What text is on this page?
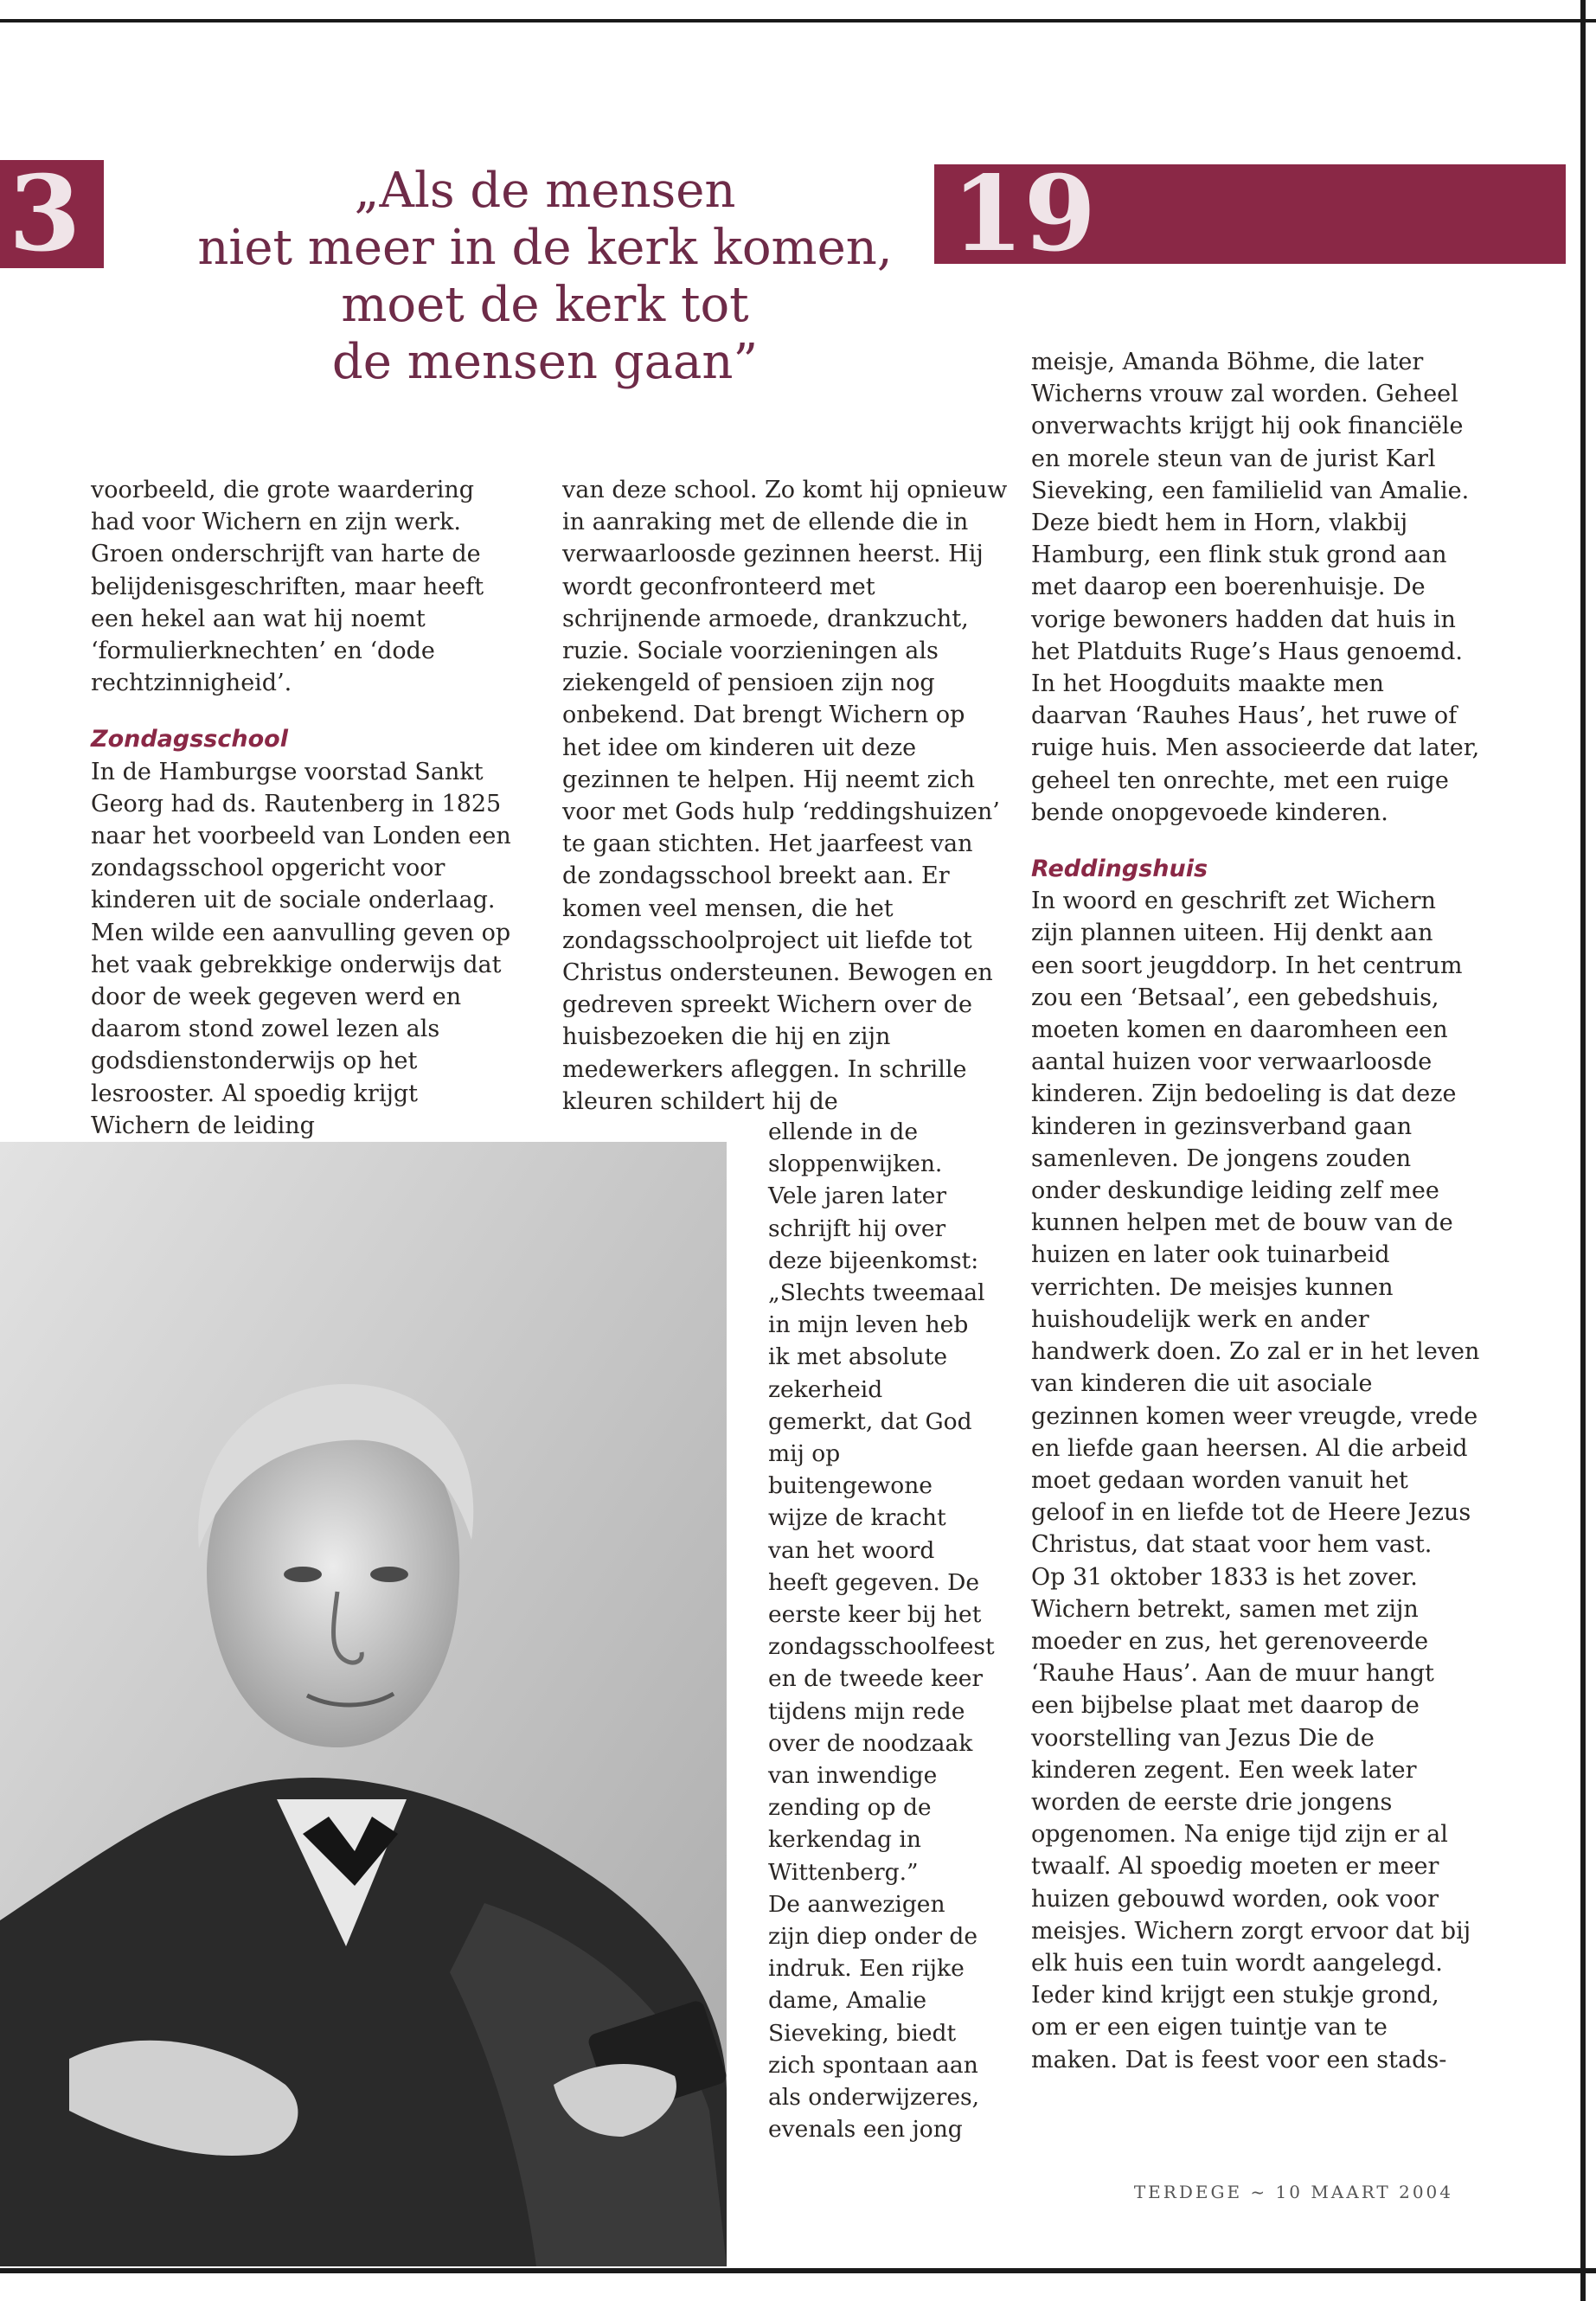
3	19
„Als de mensen
niet meer in de kerk komen,
moet de kerk tot
de mensen gaan”

voorbeeld, die grote waardering had voor Wichern en zijn werk. Groen onderschrijft van harte de belijdenisgeschriften, maar heeft een hekel aan wat hij noemt ‘formulierknechten’ en ‘dode rechtzinnigheid’.

Zondagsschool

In de Hamburgse voorstad Sankt Georg had ds. Rautenberg in 1825 naar het voorbeeld van Londen een zondagsschool opgericht voor kinderen uit de sociale onderlaag. Men wilde een aanvulling geven op het vaak gebrekkige onderwijs dat door de week gegeven werd en daarom stond zowel lezen als godsdienstonderwijs op het lesrooster. Al spoedig krijgt Wichern de leiding

van deze school. Zo komt hij opnieuw in aanraking met de ellende die in verwaarloosde gezinnen heerst. Hij wordt geconfronteerd met schrijnende armoede, drankzucht, ruzie. Sociale voorzieningen als ziekengeld of pensioen zijn nog onbekend. Dat brengt Wichern op het idee om kinderen uit deze gezinnen te helpen. Hij neemt zich voor met Gods hulp ‘reddingshuizen’ te gaan stichten. Het jaarfeest van de zondagsschool breekt aan. Er komen veel mensen, die het zondagsschoolproject uit liefde tot Christus ondersteunen. Bewogen en gedreven spreekt Wichern over de huisbezoeken die hij en zijn medewerkers afleggen. In schrille kleuren schildert hij de

ellende in de sloppenwijken. Vele jaren later schrijft hij over deze bijeenkomst: „Slechts tweemaal in mijn leven heb ik met absolute zekerheid gemerkt, dat God mij op buitengewone wijze de kracht van het woord heeft gegeven. De eerste keer bij het zondagsschoolfeest en de tweede keer tijdens mijn rede over de noodzaak van inwendige zending op de kerkendag in Wittenberg.”

De aanwezigen zijn diep onder de indruk. Een rijke dame, Amalie Sieveking, biedt zich spontaan aan als onderwijzeres, evenals een jong

meisje, Amanda Böhme, die later Wicherns vrouw zal worden. Geheel onverwachts krijgt hij ook financiële en morele steun van de jurist Karl Sieveking, een familielid van Amalie. Deze biedt hem in Horn, vlakbij Hamburg, een flink stuk grond aan met daarop een boerenhuisje. De vorige bewoners hadden dat huis in het Platduits Ruge’s Haus genoemd. In het Hoogduits maakte men daarvan ‘Rauhes Haus’, het ruwe of ruige huis. Men associeerde dat later, geheel ten onrechte, met een ruige bende onopgevoede kinderen.

Reddingshuis

In woord en geschrift zet Wichern zijn plannen uiteen. Hij denkt aan een soort jeugddorp. In het centrum zou een ‘Betsaal’, een gebedshuis, moeten komen en daaromheen een aantal huizen voor verwaarloosde kinderen. Zijn bedoeling is dat deze kinderen in gezinsverband gaan samenleven. De jongens zouden onder deskundige leiding zelf mee kunnen helpen met de bouw van de huizen en later ook tuinarbeid verrichten. De meisjes kunnen huishoudelijk werk en ander handwerk doen. Zo zal er in het leven van kinderen die uit asociale gezinnen komen weer vreugde, vrede en liefde gaan heersen. Al die arbeid moet gedaan worden vanuit het geloof in en liefde tot de Heere Jezus Christus, dat staat voor hem vast.

Op 31 oktober 1833 is het zover. Wichern betrekt, samen met zijn moeder en zus, het gerenoveerde ‘Rauhe Haus’. Aan de muur hangt een bijbelse plaat met daarop de voorstelling van Jezus Die de kinderen zegent. Een week later worden de eerste drie jongens opgenomen. Na enige tijd zijn er al twaalf. Al spoedig moeten er meer huizen gebouwd worden, ook voor meisjes. Wichern zorgt ervoor dat bij elk huis een tuin wordt aangelegd. Ieder kind krijgt een stukje grond, om er een eigen tuintje van te maken. Dat is feest voor een stads-

TERDEGE ~ 10 MAART 2004
